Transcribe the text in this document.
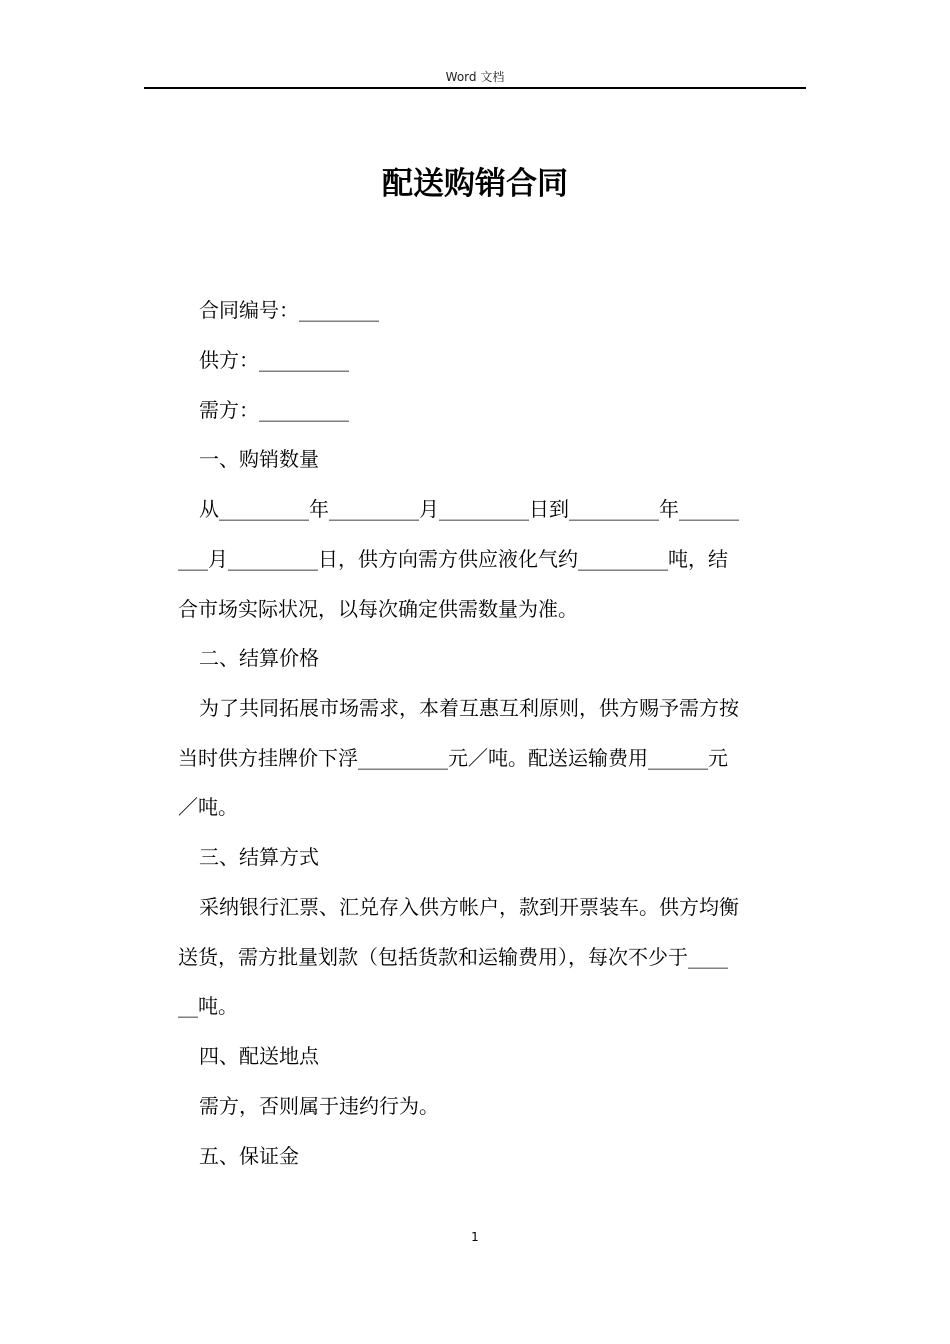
Word 文档
配送购销合同
合同编号：________
供方：_________
需方：_________
一、购销数量
从_________年_________月_________日到_________年______
___月_________日，供方向需方供应液化气约_________吨，结
合市场实际状况，以每次确定供需数量为准。
二、结算价格
为了共同拓展市场需求，本着互惠互利原则，供方赐予需方按
当时供方挂牌价下浮_________元／吨。配送运输费用______元
／吨。
三、结算方式
采纳银行汇票、汇兑存入供方帐户，款到开票装车。供方均衡
送货，需方批量划款（包括货款和运输费用），每次不少于____
__吨。
四、配送地点
需方，否则属于违约行为。
五、保证金
1
